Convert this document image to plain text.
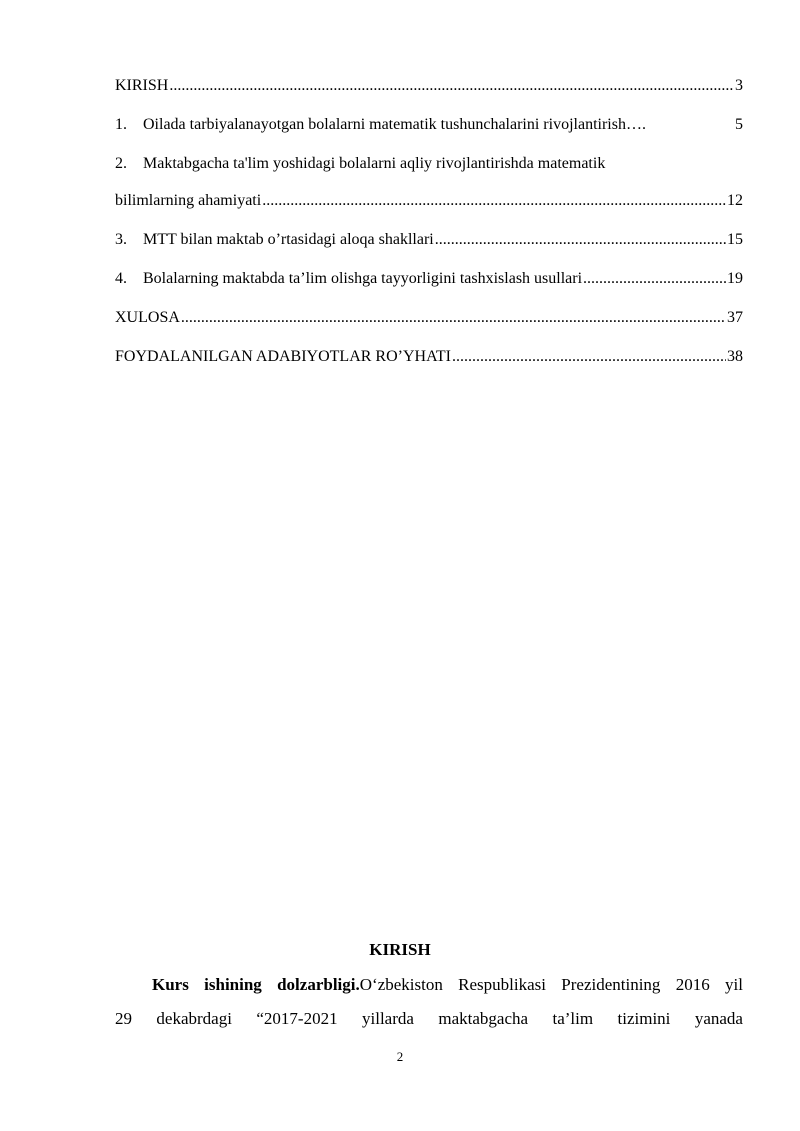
KIRISH .....	3
1. Oilada tarbiyalanayotgan bolalarni matematik tushunchalarini rivojlantirish….	5
2. Maktabgacha ta'lim yoshidagi bolalarni aqliy rivojlantirishda matematik
bilimlarning ahamiyati .....	12
3. MTT bilan maktab o’rtasidagi aloqa shakllari .....	15
4. Bolalarning maktabda ta’lim olishga tayyorligini tashxislash usullari .....	19
XULOSA .....	37
FOYDALANILGAN ADABIYOTLAR RO’YHATI .....	38
KIRISH
Kurs ishining dolzarbligi.O‘zbekiston Respublikasi Prezidentining 2016 yil
29 dekabrdagi “2017-2021 yillarda maktabgacha ta’lim tizimini yanada
2
